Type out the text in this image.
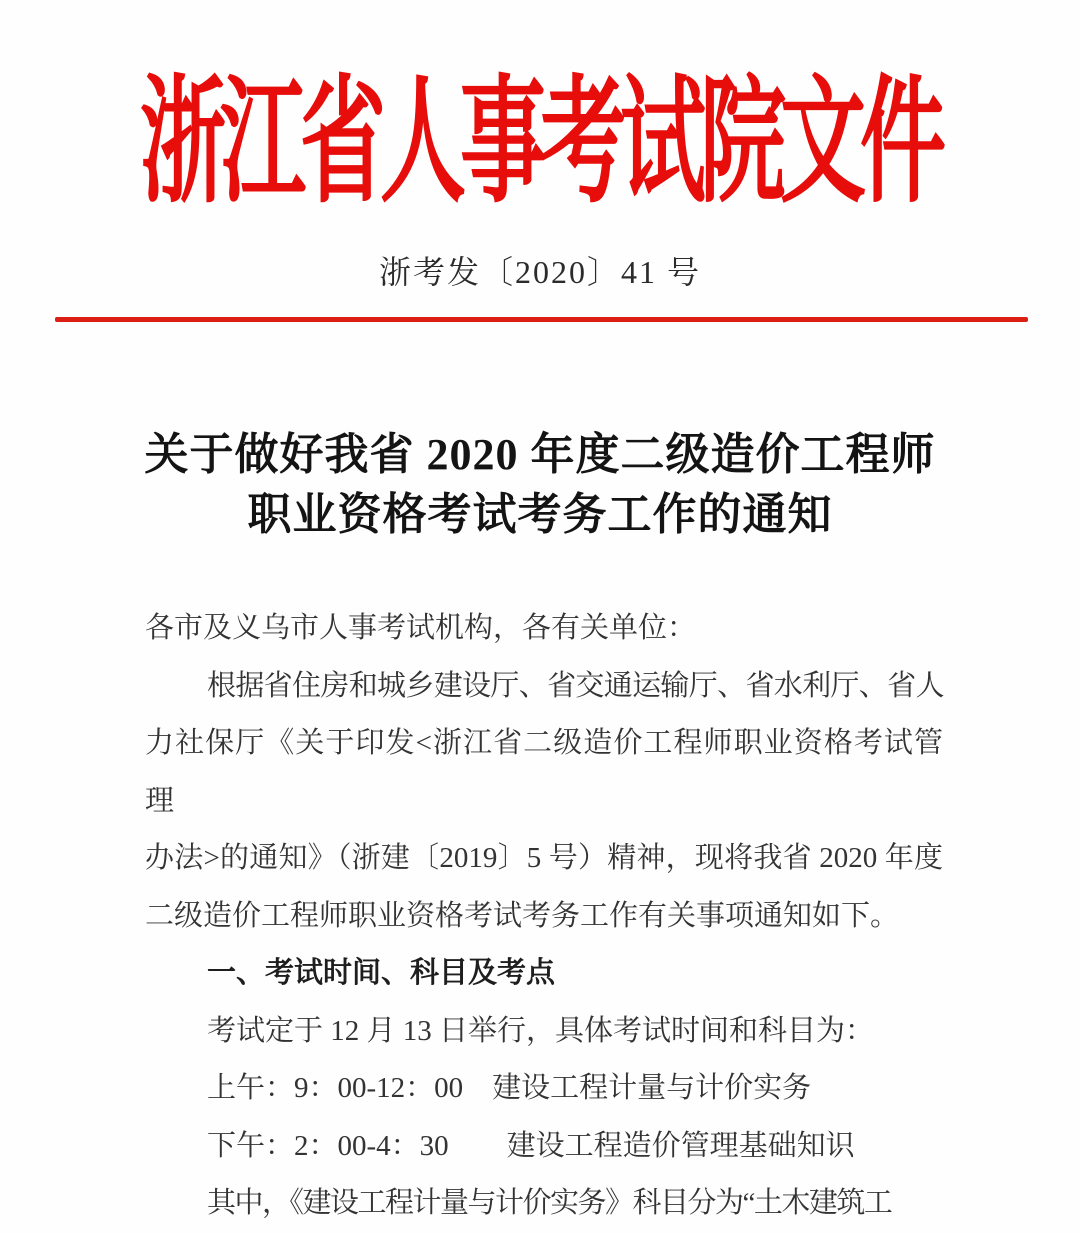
浙江省人事考试院文件
浙考发〔2020〕41 号
关于做好我省 2020 年度二级造价工程师
职业资格考试考务工作的通知
各市及义乌市人事考试机构，各有关单位：
根据省住房和城乡建设厅、省交通运输厅、省水利厅、省人
力社保厅《关于印发<浙江省二级造价工程师职业资格考试管理
办法>的通知》（浙建〔2019〕5 号）精神，现将我省 2020 年度
二级造价工程师职业资格考试考务工作有关事项通知如下。
一、考试时间、科目及考点
考试定于 12 月 13 日举行，具体考试时间和科目为：
上午：9：00-12：00　建设工程计量与计价实务
下午：2：00-4：30　　建设工程造价管理基础知识
其中，《建设工程计量与计价实务》科目分为“土木建筑工
